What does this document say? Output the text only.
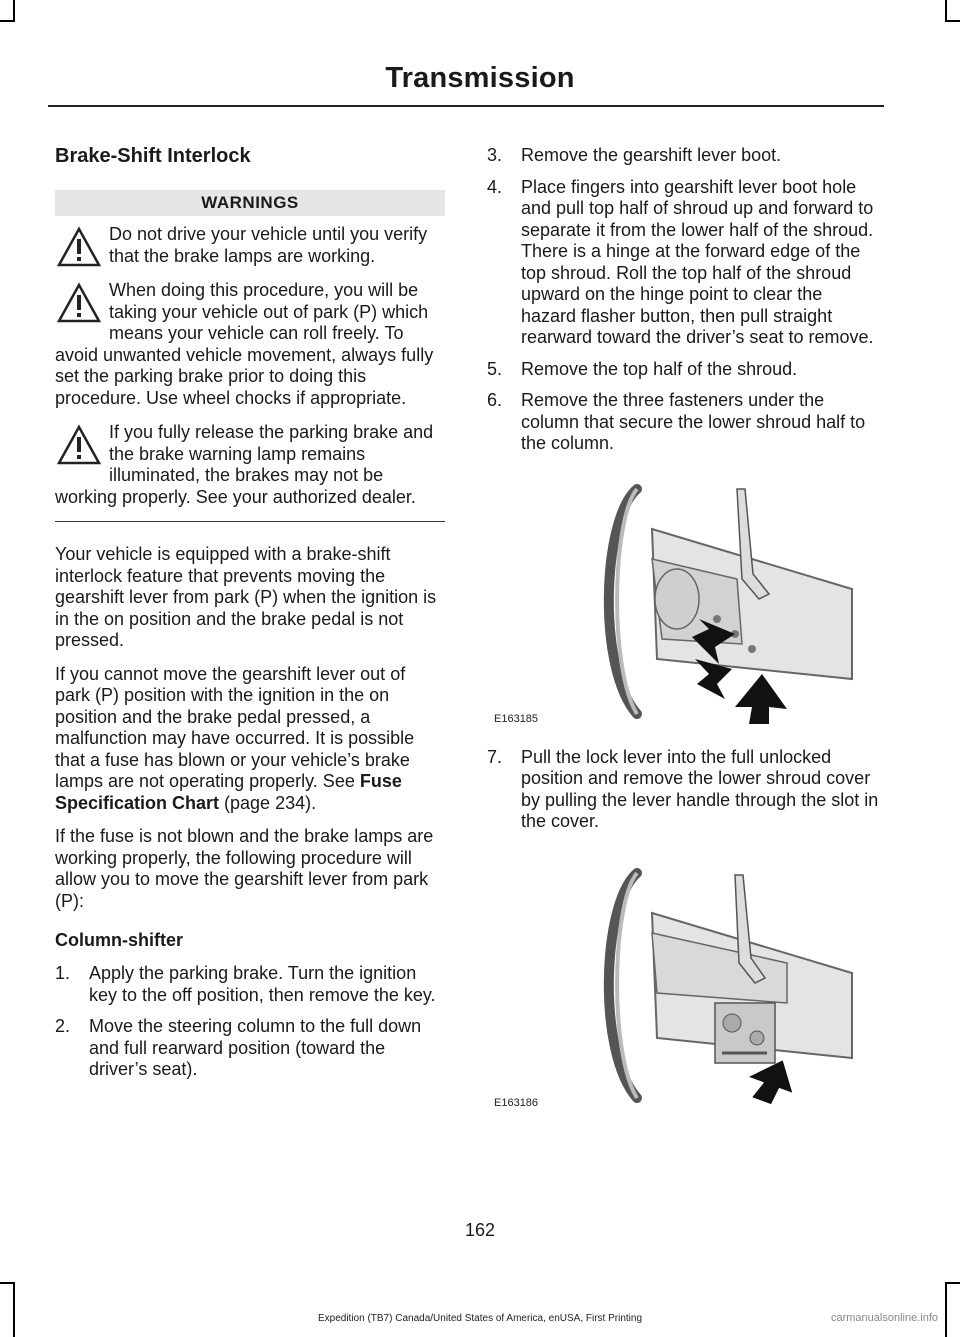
Transmission
Brake-Shift Interlock
WARNINGS
Do not drive your vehicle until you verify that the brake lamps are working.
When doing this procedure, you will be taking your vehicle out of park (P) which means your vehicle can roll freely. To avoid unwanted vehicle movement, always fully set the parking brake prior to doing this procedure. Use wheel chocks if appropriate.
If you fully release the parking brake and the brake warning lamp remains illuminated, the brakes may not be working properly. See your authorized dealer.

Your vehicle is equipped with a brake-shift interlock feature that prevents moving the gearshift lever from park (P) when the ignition is in the on position and the brake pedal is not pressed.

If you cannot move the gearshift lever out of park (P) position with the ignition in the on position and the brake pedal pressed, a malfunction may have occurred. It is possible that a fuse has blown or your vehicle’s brake lamps are not operating properly. See Fuse Specification Chart (page 234).

If the fuse is not blown and the brake lamps are working properly, the following procedure will allow you to move the gearshift lever from park (P):

Column-shifter
1. Apply the parking brake. Turn the ignition key to the off position, then remove the key.
2. Move the steering column to the full down and full rearward position (toward the driver’s seat).
3. Remove the gearshift lever boot.
4. Place fingers into gearshift lever boot hole and pull top half of shroud up and forward to separate it from the lower half of the shroud. There is a hinge at the forward edge of the top shroud. Roll the top half of the shroud upward on the hinge point to clear the hazard flasher button, then pull straight rearward toward the driver’s seat to remove.
5. Remove the top half of the shroud.
6. Remove the three fasteners under the column that secure the lower shroud half to the column.
E163185
7. Pull the lock lever into the full unlocked position and remove the lower shroud cover by pulling the lever handle through the slot in the cover.
E163186
162
Expedition (TB7) Canada/United States of America, enUSA, First Printing	carmanualsonline.info
